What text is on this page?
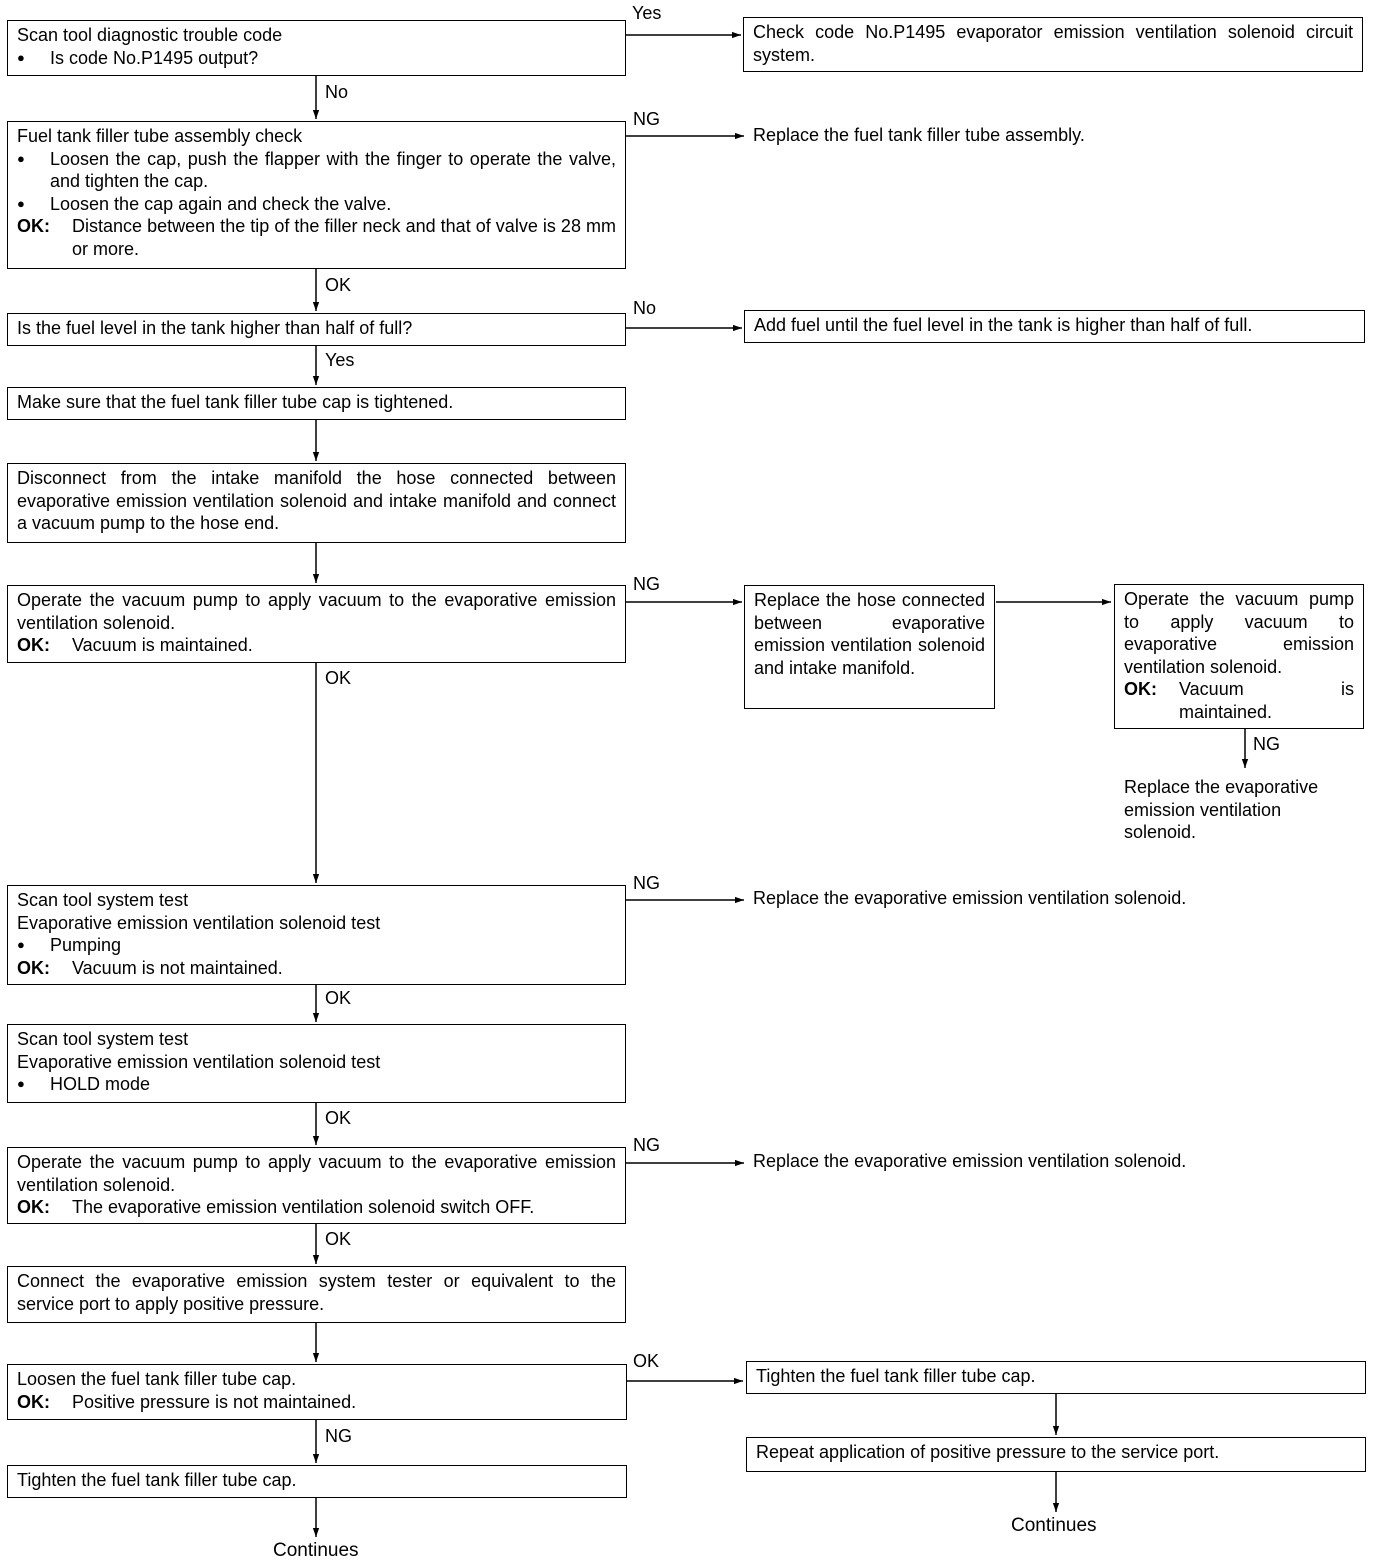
Scan tool diagnostic trouble code
● Is code No.P1495 output?
Fuel tank filler tube assembly check
● Loosen the cap, push the flapper with the finger to operate the valve, and tighten the cap.
● Loosen the cap again and check the valve.
OK: Distance between the tip of the filler neck and that of valve is 28 mm or more.
Is the fuel level in the tank higher than half of full?
Make sure that the fuel tank filler tube cap is tightened.
Disconnect from the intake manifold the hose connected between evaporative emission ventilation solenoid and intake manifold and connect a vacuum pump to the hose end.
Operate the vacuum pump to apply vacuum to the evaporative emission ventilation solenoid.
OK: Vacuum is maintained.
Scan tool system test
Evaporative emission ventilation solenoid test
● Pumping
OK: Vacuum is not maintained.
Scan tool system test
Evaporative emission ventilation solenoid test
● HOLD mode
Operate the vacuum pump to apply vacuum to the evaporative emission ventilation solenoid.
OK: The evaporative emission ventilation solenoid switch OFF.
Connect the evaporative emission system tester or equivalent to the service port to apply positive pressure.
Loosen the fuel tank filler tube cap.
OK: Positive pressure is not maintained.
Tighten the fuel tank filler tube cap.
Check code No.P1495 evaporator emission ventilation solenoid circuit system.
Replace the fuel tank filler tube assembly.
Add fuel until the fuel level in the tank is higher than half of full.
Replace the hose connected between evaporative emission ventilation solenoid and intake manifold.
Operate the vacuum pump to apply vacuum to evaporative emission ventilation solenoid.
OK: Vacuum is maintained.
Replace the evaporative emission ventilation solenoid.
Replace the evaporative emission ventilation solenoid.
Replace the evaporative emission ventilation solenoid.
Tighten the fuel tank filler tube cap.
Repeat application of positive pressure to the service port.
Yes
No
NG
OK
No
Yes
NG
OK
NG
NG
OK
OK
NG
OK
OK
NG
Continues
Continues
